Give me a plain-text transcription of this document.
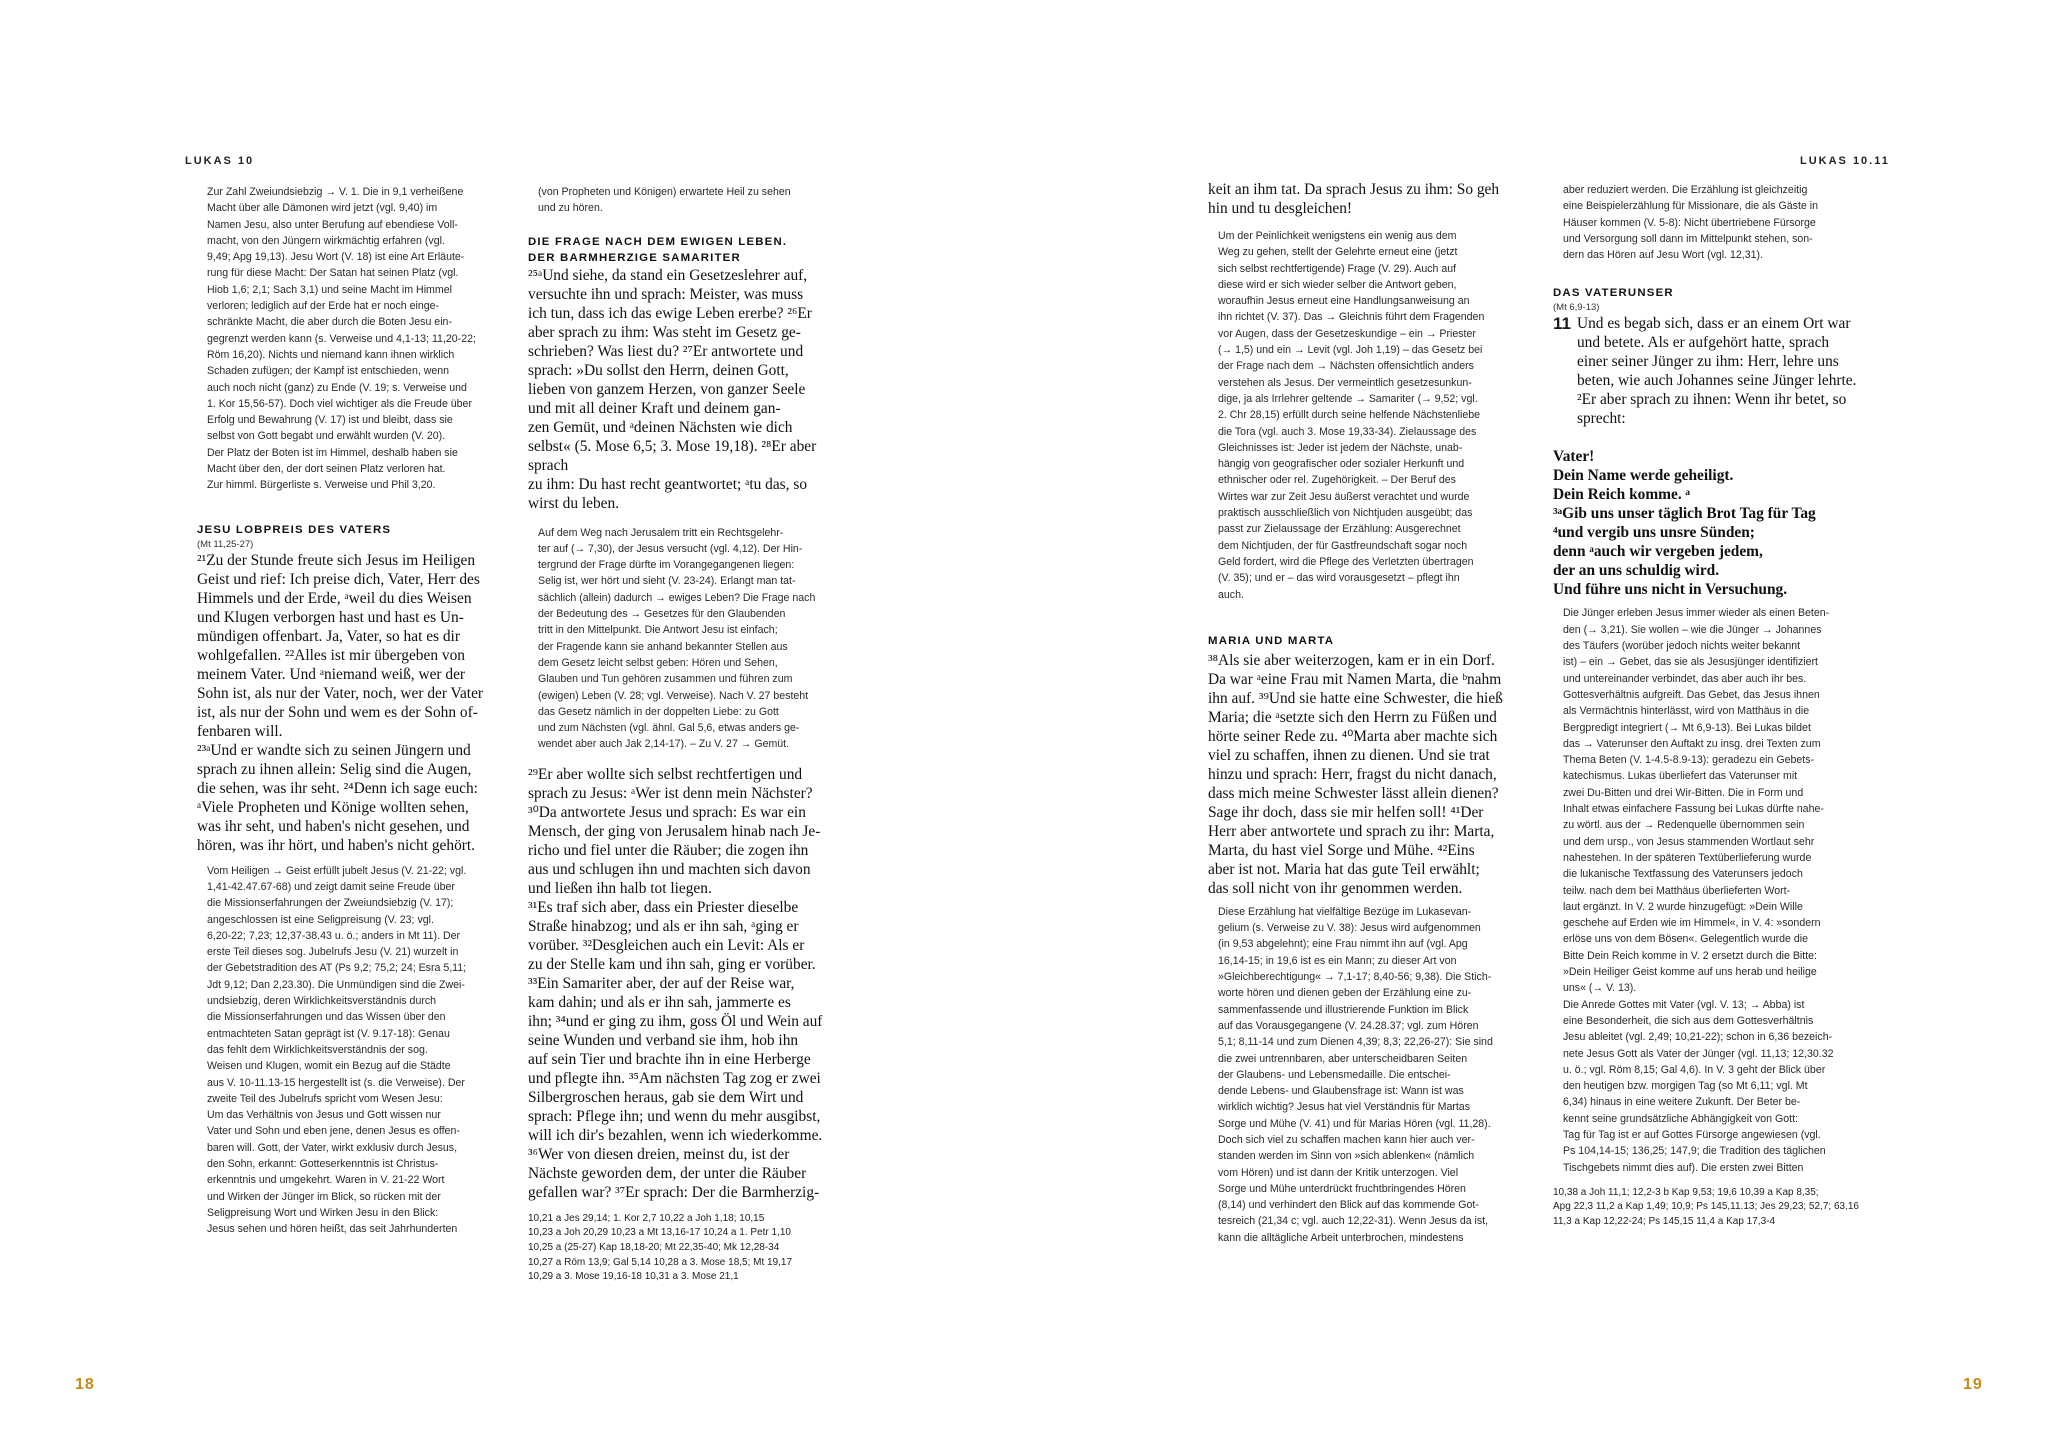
LUKAS 10

Zur Zahl Zweiundsiebzig → V. 1. Die in 9,1 verheißene
Macht über alle Dämonen wird jetzt (vgl. 9,40) im
Namen Jesu, also unter Berufung auf ebendiese Voll-
macht, von den Jüngern wirkmächtig erfahren (vgl.
9,49; Apg 19,13). Jesu Wort (V. 18) ist eine Art Erläute-
rung für diese Macht: Der Satan hat seinen Platz (vgl.
Hiob 1,6; 2,1; Sach 3,1) und seine Macht im Himmel
verloren; lediglich auf der Erde hat er noch einge-
schränkte Macht, die aber durch die Boten Jesu ein-
gegrenzt werden kann (s. Verweise und 4,1-13; 11,20-22;
Röm 16,20). Nichts und niemand kann ihnen wirklich
Schaden zufügen; der Kampf ist entschieden, wenn
auch noch nicht (ganz) zu Ende (V. 19; s. Verweise und
1. Kor 15,56-57). Doch viel wichtiger als die Freude über
Erfolg und Bewahrung (V. 17) ist und bleibt, dass sie
selbst von Gott begabt und erwählt wurden (V. 20).
Der Platz der Boten ist im Himmel, deshalb haben sie
Macht über den, der dort seinen Platz verloren hat.
Zur himml. Bürgerliste s. Verweise und Phil 3,20.

JESU LOBPREIS DES VATERS

(Mt 11,25-27)

²¹Zu der Stunde freute sich Jesus im Heiligen
Geist und rief: Ich preise dich, Vater, Herr des
Himmels und der Erde, ᵃweil du dies Weisen
und Klugen verborgen hast und hast es Un-
mündigen offenbart. Ja, Vater, so hat es dir
wohlgefallen. ²²Alles ist mir übergeben von
meinem Vater. Und ᵃniemand weiß, wer der
Sohn ist, als nur der Vater, noch, wer der Vater
ist, als nur der Sohn und wem es der Sohn of-
fenbaren will.
²³ᵃUnd er wandte sich zu seinen Jüngern und
sprach zu ihnen allein: Selig sind die Augen,
die sehen, was ihr seht. ²⁴Denn ich sage euch:
ᵃViele Propheten und Könige wollten sehen,
was ihr seht, und haben's nicht gesehen, und
hören, was ihr hört, und haben's nicht gehört.

Vom Heiligen → Geist erfüllt jubelt Jesus (V. 21-22; vgl.
1,41-42.47.67-68) und zeigt damit seine Freude über
die Missionserfahrungen der Zweiundsiebzig (V. 17);
angeschlossen ist eine Seligpreisung (V. 23; vgl.
6,20-22; 7,23; 12,37-38.43 u. ö.; anders in Mt 11). Der
erste Teil dieses sog. Jubelrufs Jesu (V. 21) wurzelt in
der Gebetstradition des AT (Ps 9,2; 75,2; 24; Esra 5,11;
Jdt 9,12; Dan 2,23.30). Die Unmündigen sind die Zwei-
undsiebzig, deren Wirklichkeitsverständnis durch
die Missionserfahrungen und das Wissen über den
entmachteten Satan geprägt ist (V. 9.17-18): Genau
das fehlt dem Wirklichkeitsverständnis der sog.
Weisen und Klugen, womit ein Bezug auf die Städte
aus V. 10-11.13-15 hergestellt ist (s. die Verweise). Der
zweite Teil des Jubelrufs spricht vom Wesen Jesu:
Um das Verhältnis von Jesus und Gott wissen nur
Vater und Sohn und eben jene, denen Jesus es offen-
baren will. Gott, der Vater, wirkt exklusiv durch Jesus,
den Sohn, erkannt: Gotteserkenntnis ist Christus-
erkenntnis und umgekehrt. Waren in V. 21-22 Wort
und Wirken der Jünger im Blick, so rücken mit der
Seligpreisung Wort und Wirken Jesu in den Blick:
Jesus sehen und hören heißt, das seit Jahrhunderten

(von Propheten und Königen) erwartete Heil zu sehen
und zu hören.

DIE FRAGE NACH DEM EWIGEN LEBEN.
DER BARMHERZIGE SAMARITER

²⁵ᵃUnd siehe, da stand ein Gesetzeslehrer auf,
versuchte ihn und sprach: Meister, was muss
ich tun, dass ich das ewige Leben ererbe? ²⁶Er
aber sprach zu ihm: Was steht im Gesetz ge-
schrieben? Was liest du? ²⁷Er antwortete und
sprach: »Du sollst den Herrn, deinen Gott,
lieben von ganzem Herzen, von ganzer Seele
und mit all deiner Kraft und deinem gan-
zen Gemüt, und ᵃdeinen Nächsten wie dich
selbst« (5. Mose 6,5; 3. Mose 19,18). ²⁸Er aber sprach
zu ihm: Du hast recht geantwortet; ᵃtu das, so
wirst du leben.

Auf dem Weg nach Jerusalem tritt ein Rechtsgelehr-
ter auf (→ 7,30), der Jesus versucht (vgl. 4,12). Der Hin-
tergrund der Frage dürfte im Vorangegangenen liegen:
Selig ist, wer hört und sieht (V. 23-24). Erlangt man tat-
sächlich (allein) dadurch → ewiges Leben? Die Frage nach
der Bedeutung des → Gesetzes für den Glaubenden
tritt in den Mittelpunkt. Die Antwort Jesu ist einfach;
der Fragende kann sie anhand bekannter Stellen aus
dem Gesetz leicht selbst geben: Hören und Sehen,
Glauben und Tun gehören zusammen und führen zum
(ewigen) Leben (V. 28; vgl. Verweise). Nach V. 27 besteht
das Gesetz nämlich in der doppelten Liebe: zu Gott
und zum Nächsten (vgl. ähnl. Gal 5,6, etwas anders ge-
wendet aber auch Jak 2,14-17). – Zu V. 27 → Gemüt.

²⁹Er aber wollte sich selbst rechtfertigen und
sprach zu Jesus: ᵃWer ist denn mein Nächster?
³⁰Da antwortete Jesus und sprach: Es war ein
Mensch, der ging von Jerusalem hinab nach Je-
richo und fiel unter die Räuber; die zogen ihn
aus und schlugen ihn und machten sich davon
und ließen ihn halb tot liegen.
³¹Es traf sich aber, dass ein Priester dieselbe
Straße hinabzog; und als er ihn sah, ᵃging er
vorüber. ³²Desgleichen auch ein Levit: Als er
zu der Stelle kam und ihn sah, ging er vorüber.
³³Ein Samariter aber, der auf der Reise war,
kam dahin; und als er ihn sah, jammerte es
ihn; ³⁴und er ging zu ihm, goss Öl und Wein auf
seine Wunden und verband sie ihm, hob ihn
auf sein Tier und brachte ihn in eine Herberge
und pflegte ihn. ³⁵Am nächsten Tag zog er zwei
Silbergroschen heraus, gab sie dem Wirt und
sprach: Pflege ihn; und wenn du mehr ausgibst,
will ich dir's bezahlen, wenn ich wiederkomme.
³⁶Wer von diesen dreien, meinst du, ist der
Nächste geworden dem, der unter die Räuber
gefallen war? ³⁷Er sprach: Der die Barmherzig-

10,21 a Jes 29,14; 1. Kor 2,7 10,22 a Joh 1,18; 10,15
10,23 a Joh 20,29 10,23 a Mt 13,16-17 10,24 a 1. Petr 1,10
10,25 a (25-27) Kap 18,18-20; Mt 22,35-40; Mk 12,28-34
10,27 a Röm 13,9; Gal 5,14 10,28 a 3. Mose 18,5; Mt 19,17
10,29 a 3. Mose 19,16-18 10,31 a 3. Mose 21,1

18
LUKAS 10.11

keit an ihm tat. Da sprach Jesus zu ihm: So geh
hin und tu desgleichen!

Um der Peinlichkeit wenigstens ein wenig aus dem
Weg zu gehen, stellt der Gelehrte erneut eine (jetzt
sich selbst rechtfertigende) Frage (V. 29). Auch auf
diese wird er sich wieder selber die Antwort geben,
woraufhin Jesus erneut eine Handlungsanweisung an
ihn richtet (V. 37). Das → Gleichnis führt dem Fragenden
vor Augen, dass der Gesetzeskundige – ein → Priester
(→ 1,5) und ein → Levit (vgl. Joh 1,19) – das Gesetz bei
der Frage nach dem → Nächsten offensichtlich anders
verstehen als Jesus. Der vermeintlich gesetzesunkun-
dige, ja als Irrlehrer geltende → Samariter (→ 9,52; vgl.
2. Chr 28,15) erfüllt durch seine helfende Nächstenliebe
die Tora (vgl. auch 3. Mose 19,33-34). Zielaussage des
Gleichnisses ist: Jeder ist jedem der Nächste, unab-
hängig von geografischer oder sozialer Herkunft und
ethnischer oder rel. Zugehörigkeit. – Der Beruf des
Wirtes war zur Zeit Jesu äußerst verachtet und wurde
praktisch ausschließlich von Nichtjuden ausgeübt; das
passt zur Zielaussage der Erzählung: Ausgerechnet
dem Nichtjuden, der für Gastfreundschaft sogar noch
Geld fordert, wird die Pflege des Verletzten übertragen
(V. 35); und er – das wird vorausgesetzt – pflegt ihn
auch.

MARIA UND MARTA

³⁸Als sie aber weiterzogen, kam er in ein Dorf.
Da war ᵃeine Frau mit Namen Marta, die ᵇnahm
ihn auf. ³⁹Und sie hatte eine Schwester, die hieß
Maria; die ᵃsetzte sich den Herrn zu Füßen und
hörte seiner Rede zu. ⁴⁰Marta aber machte sich
viel zu schaffen, ihnen zu dienen. Und sie trat
hinzu und sprach: Herr, fragst du nicht danach,
dass mich meine Schwester lässt allein dienen?
Sage ihr doch, dass sie mir helfen soll! ⁴¹Der
Herr aber antwortete und sprach zu ihr: Marta,
Marta, du hast viel Sorge und Mühe. ⁴²Eins
aber ist not. Maria hat das gute Teil erwählt;
das soll nicht von ihr genommen werden.

Diese Erzählung hat vielfältige Bezüge im Lukasevan-
gelium (s. Verweise zu V. 38): Jesus wird aufgenommen
(in 9,53 abgelehnt); eine Frau nimmt ihn auf (vgl. Apg
16,14-15; in 19,6 ist es ein Mann; zu dieser Art von
»Gleichberechtigung« → 7,1-17; 8,40-56; 9,38). Die Stich-
worte hören und dienen geben der Erzählung eine zu-
sammenfassende und illustrierende Funktion im Blick
auf das Vorausgegangene (V. 24.28.37; vgl. zum Hören
5,1; 8,11-14 und zum Dienen 4,39; 8,3; 22,26-27): Sie sind
die zwei untrennbaren, aber unterscheidbaren Seiten
der Glaubens- und Lebensmedaille. Die entschei-
dende Lebens- und Glaubensfrage ist: Wann ist was
wirklich wichtig? Jesus hat viel Verständnis für Martas
Sorge und Mühe (V. 41) und für Marias Hören (vgl. 11,28).
Doch sich viel zu schaffen machen kann hier auch ver-
standen werden im Sinn von »sich ablenken« (nämlich
vom Hören) und ist dann der Kritik unterzogen. Viel
Sorge und Mühe unterdrückt fruchtbringendes Hören
(8,14) und verhindert den Blick auf das kommende Got-
tesreich (21,34 c; vgl. auch 12,22-31). Wenn Jesus da ist,
kann die alltägliche Arbeit unterbrochen, mindestens

aber reduziert werden. Die Erzählung ist gleichzeitig
eine Beispielerzählung für Missionare, die als Gäste in
Häuser kommen (V. 5-8): Nicht übertriebene Fürsorge
und Versorgung soll dann im Mittelpunkt stehen, son-
dern das Hören auf Jesu Wort (vgl. 12,31).

DAS VATERUNSER

(Mt 6,9-13)

11 Und es begab sich, dass er an einem Ort war
und betete. Als er aufgehört hatte, sprach
einer seiner Jünger zu ihm: Herr, lehre uns
beten, wie auch Johannes seine Jünger lehrte.
²Er aber sprach zu ihnen: Wenn ihr betet, so
sprecht:

Vater!
Dein Name werde geheiligt.
Dein Reich komme. ᵃ
³ᵃGib uns unser täglich Brot Tag für Tag
⁴und vergib uns unsre Sünden;
denn ᵃauch wir vergeben jedem,
der an uns schuldig wird.
Und führe uns nicht in Versuchung.

Die Jünger erleben Jesus immer wieder als einen Beten-
den (→ 3,21). Sie wollen – wie die Jünger → Johannes
des Täufers (worüber jedoch nichts weiter bekannt
ist) – ein → Gebet, das sie als Jesusjünger identifiziert
und untereinander verbindet, das aber auch ihr bes.
Gottesverhältnis aufgreift. Das Gebet, das Jesus ihnen
als Vermächtnis hinterlässt, wird von Matthäus in die
Bergpredigt integriert (→ Mt 6,9-13). Bei Lukas bildet
das → Vaterunser den Auftakt zu insg. drei Texten zum
Thema Beten (V. 1-4.5-8.9-13): geradezu ein Gebets-
katechismus. Lukas überliefert das Vaterunser mit
zwei Du-Bitten und drei Wir-Bitten. Die in Form und
Inhalt etwas einfachere Fassung bei Lukas dürfte nahe-
zu wörtl. aus der → Redenquelle übernommen sein
und dem ursp., von Jesus stammenden Wortlaut sehr
nahestehen. In der späteren Textüberlieferung wurde
die lukanische Textfassung des Vaterunsers jedoch
teilw. nach dem bei Matthäus überlieferten Wort-
laut ergänzt. In V. 2 wurde hinzugefügt: »Dein Wille
geschehe auf Erden wie im Himmel«, in V. 4: »sondern
erlöse uns von dem Bösen«. Gelegentlich wurde die
Bitte Dein Reich komme in V. 2 ersetzt durch die Bitte:
»Dein Heiliger Geist komme auf uns herab und heilige
uns« (→ V. 13).
Die Anrede Gottes mit Vater (vgl. V. 13; → Abba) ist
eine Besonderheit, die sich aus dem Gottesverhältnis
Jesu ableitet (vgl. 2,49; 10,21-22); schon in 6,36 bezeich-
nete Jesus Gott als Vater der Jünger (vgl. 11,13; 12,30.32
u. ö.; vgl. Röm 8,15; Gal 4,6). In V. 3 geht der Blick über
den heutigen bzw. morgigen Tag (so Mt 6,11; vgl. Mt
6,34) hinaus in eine weitere Zukunft. Der Beter be-
kennt seine grundsätzliche Abhängigkeit von Gott:
Tag für Tag ist er auf Gottes Fürsorge angewiesen (vgl.
Ps 104,14-15; 136,25; 147,9; die Tradition des täglichen
Tischgebets nimmt dies auf). Die ersten zwei Bitten

10,38 a Joh 11,1; 12,2-3 b Kap 9,53; 19,6 10,39 a Kap 8,35;
Apg 22,3 11,2 a Kap 1,49; 10,9; Ps 145,11.13; Jes 29,23; 52,7; 63,16
11,3 a Kap 12,22-24; Ps 145,15 11,4 a Kap 17,3-4

19
